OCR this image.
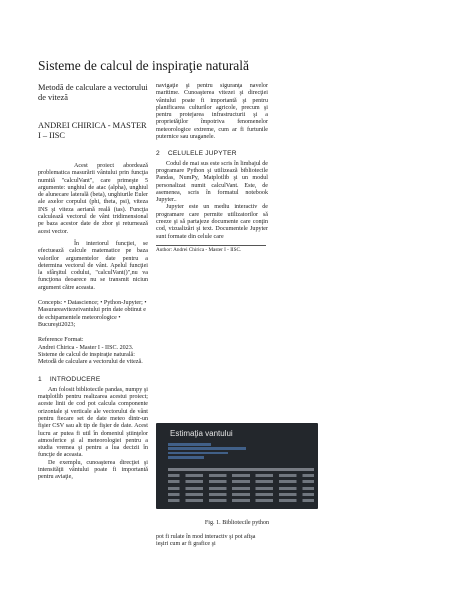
Sisteme de calcul de inspiraţie naturală
Metodă de calculare a vectorului de viteză
ANDREI CHIRICA - MASTER I – IISC

Acest proiect abordează problematica masurării vântului prin funcţia numită "calculVant", care primeşte 5 argumente: unghiul de atac (alpha), unghiul de alunecare laterală (beta), unghiurile Euler ale axelor corpului (phi, theta, psi), viteza INS şi viteza aeriană reală (tas). Funcţia calculează vectorul de vânt tridimensional pe baza acestor date de zbor şi returnează acest vector.

În interiorul funcţiei, se efectuează calcule matematice pe baza valorilor argumentelor date pentru a determina vectorul de vânt. Apelul funcţiei la sfârşitul codului, "calculVant()",nu va funcţiona deoarece nu se transmit niciun argument către aceasta.

Concepts: • Datascience; • Python-Jupyter; • Masurareavitezeivantului prin date obtinut e de echipamentele meteorologice • Bucureşti2023;

Reference Format:
Andrei Chirica - Master I - IISC. 2023. Sisteme de calcul de inspiraţie naturală: Metodă de calculare a vectorului de viteză.

1 INTRODUCERE

Am folosit bibliotecile pandas, numpy şi matplotlib pentru realizarea acestui proiect; aceste linii de cod pot calcula componente orizontale şi verticale ale vectorului de vânt pentru fiecare set de date meteo dintr-un fişier CSV sau alt tip de fişier de date. Acest lucru ar putea fi util în domeniul ştiinţelor atmosferice şi al meteorologiei pentru a studia vremea şi pentru a lua decizii în funcţie de aceasta.

De exemplu, cunoaşterea direcţiei şi intensităţii vântului poate fi importantă pentru aviaţie,

navigaţie şi pentru siguranţa navelor maritime. Cunoaşterea vitezei şi direcţiei vântului poate fi importantă şi pentru planificarea culturilor agricole, precum şi pentru protejarea infrastructurii şi a proprietăţilor împotriva fenomenelor meteorologice extreme, cum ar fi furtunile puternice sau uraganele.

2 CELULELE JUPYTER

Codul de mai sus este scris în limbajul de programare Python şi utilizează bibliotecile Pandas, NumPy, Matplotlib şi un modul personalizat numit calculVant. Este, de asemenea, scris în formatul notebook Jupyter..

Jupyter este un mediu interactiv de programare care permite utilizatorilor să creeze şi să partajeze documente care conţin cod, vizualizări şi text. Documentele Jupyter sunt formate din celule care

Author: Andrei Chirica - Master I - IISC.
Estimaţia vantului
Fig. 1. Bibliotecile python
pot fi rulate în mod interactiv şi pot afişa ieşiri cum ar fi grafice şi
